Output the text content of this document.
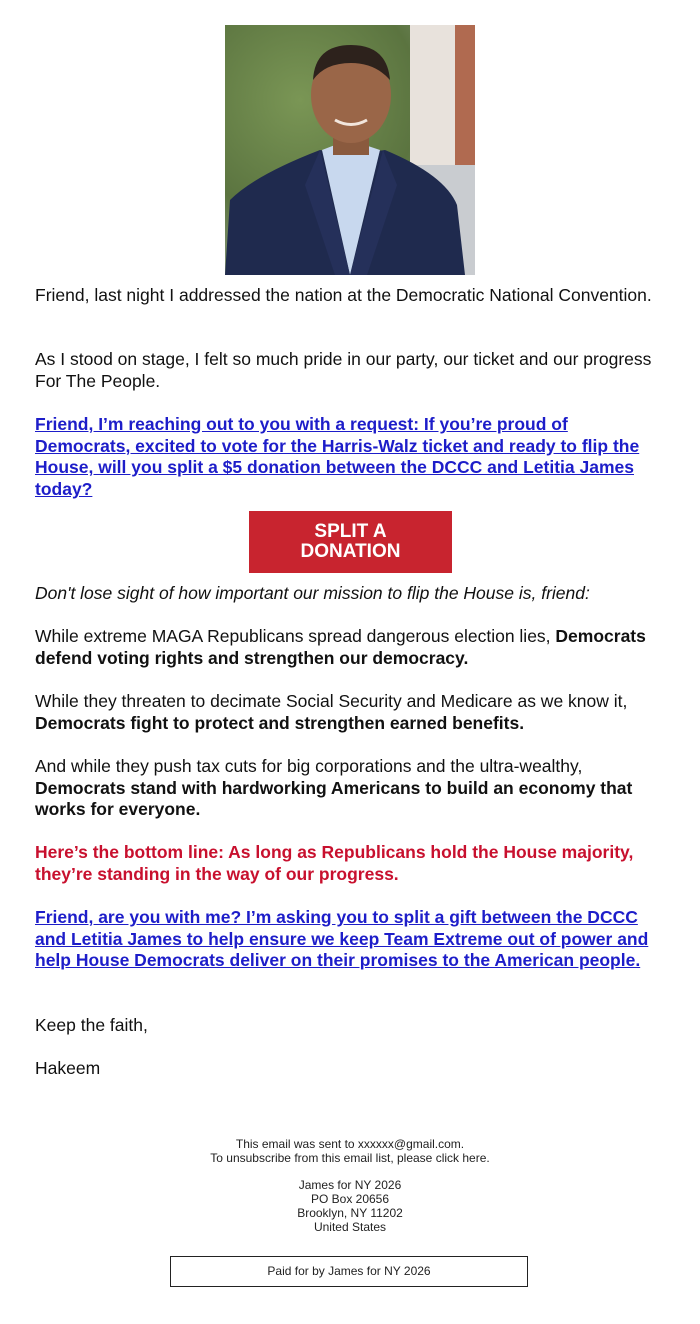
Friend, last night I addressed the nation at the Democratic National Convention.

As I stood on stage, I felt so much pride in our party, our ticket and our progress For The People.

Friend, I’m reaching out to you with a request: If you’re proud of Democrats, excited to vote for the Harris-Walz ticket and ready to flip the House, will you split a $5 donation between the DCCC and Letitia James today?
SPLIT A
DONATION

Don't lose sight of how important our mission to flip the House is, friend:

While extreme MAGA Republicans spread dangerous election lies, Democrats defend voting rights and strengthen our democracy.

While they threaten to decimate Social Security and Medicare as we know it,
Democrats fight to protect and strengthen earned benefits.

And while they push tax cuts for big corporations and the ultra-wealthy,
Democrats stand with hardworking Americans to build an economy that works for everyone.

Here’s the bottom line: As long as Republicans hold the House majority, they’re standing in the way of our progress.

Friend, are you with me? I’m asking you to split a gift between the DCCC and Letitia James to help ensure we keep Team Extreme out of power and help House Democrats deliver on their promises to the American people.

Keep the faith,

Hakeem

This email was sent to xxxxxx@gmail.com.
To unsubscribe from this email list, please click here.
James for NY 2026
PO Box 20656
Brooklyn, NY 11202
United States
Paid for by James for NY 2026
